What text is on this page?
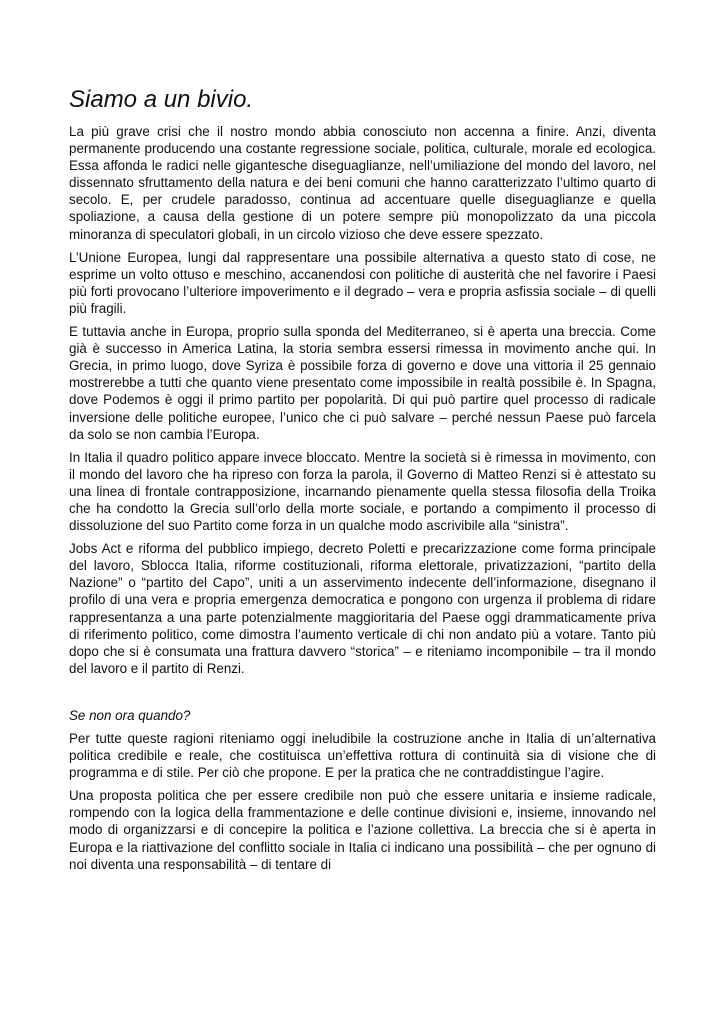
Siamo a un bivio.

La più grave crisi che il nostro mondo abbia conosciuto non accenna a finire. Anzi, diventa permanente producendo una costante regressione sociale, politica, culturale, morale ed ecologica. Essa affonda le radici nelle gigantesche diseguaglianze, nell’umiliazione del mondo del lavoro, nel dissennato sfruttamento della natura e dei beni comuni che hanno caratterizzato l’ultimo quarto di secolo. E, per crudele paradosso, continua ad accentuare quelle diseguaglianze e quella spoliazione, a causa della gestione di un potere sempre più monopolizzato da una piccola minoranza di speculatori globali, in un circolo vizioso che deve essere spezzato.

L’Unione Europea, lungi dal rappresentare una possibile alternativa a questo stato di cose, ne esprime un volto ottuso e meschino, accanendosi con politiche di austerità che nel favorire i Paesi più forti provocano l’ulteriore impoverimento e il degrado – vera e propria asfissia sociale – di quelli più fragili.

E tuttavia anche in Europa, proprio sulla sponda del Mediterraneo, si è aperta una breccia. Come già è successo in America Latina, la storia sembra essersi rimessa in movimento anche qui. In Grecia, in primo luogo, dove Syriza è possibile forza di governo e dove una vittoria il 25 gennaio mostrerebbe a tutti che quanto viene presentato come impossibile in realtà possibile è. In Spagna, dove Podemos è oggi il primo partito per popolarità. Di qui può partire quel processo di radicale inversione delle politiche europee, l’unico che ci può salvare – perché nessun Paese può farcela da solo se non cambia l’Europa.

In Italia il quadro politico appare invece bloccato. Mentre la società si è rimessa in movimento, con il mondo del lavoro che ha ripreso con forza la parola, il Governo di Matteo Renzi si è attestato su una linea di frontale contrapposizione, incarnando pienamente quella stessa filosofia della Troika che ha condotto la Grecia sull’orlo della morte sociale, e portando a compimento il processo di dissoluzione del suo Partito come forza in un qualche modo ascrivibile alla “sinistra”.

Jobs Act e riforma del pubblico impiego, decreto Poletti e precarizzazione come forma principale del lavoro, Sblocca Italia, riforme costituzionali, riforma elettorale, privatizzazioni, “partito della Nazione” o “partito del Capo”, uniti a un asservimento indecente dell’informazione, disegnano il profilo di una vera e propria emergenza democratica e pongono con urgenza il problema di ridare rappresentanza a una parte potenzialmente maggioritaria del Paese oggi drammaticamente priva di riferimento politico, come dimostra l’aumento verticale di chi non andato più a votare. Tanto più dopo che si è consumata una frattura davvero “storica” – e riteniamo incomponibile – tra il mondo del lavoro e il partito di Renzi.

Se non ora quando?

Per tutte queste ragioni riteniamo oggi ineludibile la costruzione anche in Italia di un’alternativa politica credibile e reale, che costituisca un’effettiva rottura di continuità sia di visione che di programma e di stile. Per ciò che propone. E per la pratica che ne contraddistingue l’agire.

Una proposta politica che per essere credibile non può che essere unitaria e insieme radicale, rompendo con la logica della frammentazione e delle continue divisioni e, insieme, innovando nel modo di organizzarsi e di concepire la politica e l’azione collettiva. La breccia che si è aperta in Europa e la riattivazione del conflitto sociale in Italia ci indicano una possibilità – che per ognuno di noi diventa una responsabilità – di tentare di
